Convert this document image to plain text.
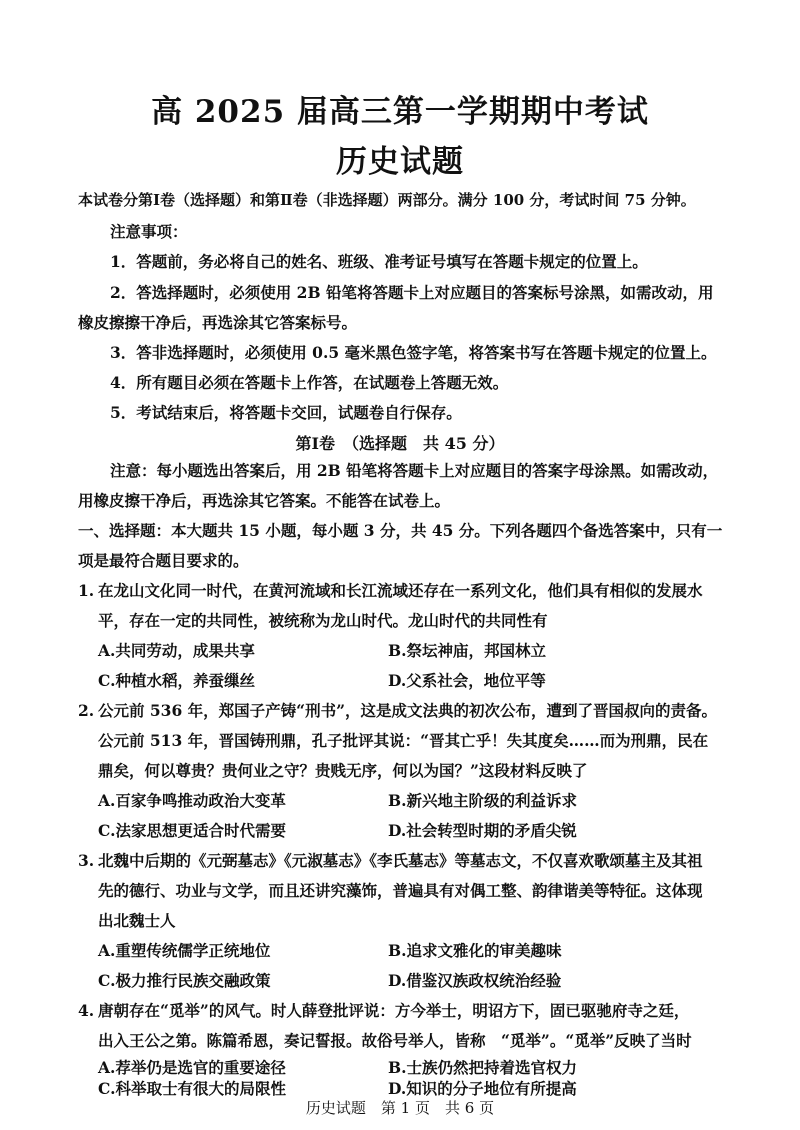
高 2025 届高三第一学期期中考试
历史试题
本试卷分第Ⅰ卷（选择题）和第Ⅱ卷（非选择题）两部分。满分 100 分，考试时间 75 分钟。
注意事项：
1．答题前，务必将自己的姓名、班级、准考证号填写在答题卡规定的位置上。
2．答选择题时，必须使用 2B 铅笔将答题卡上对应题目的答案标号涂黑，如需改动，用
橡皮擦擦干净后，再选涂其它答案标号。
3．答非选择题时，必须使用 0.5 毫米黑色签字笔，将答案书写在答题卡规定的位置上。
4．所有题目必须在答题卡上作答，在试题卷上答题无效。
5．考试结束后，将答题卡交回，试题卷自行保存。
第Ⅰ卷　（选择题　共 45 分）
注意：每小题选出答案后，用 2B 铅笔将答题卡上对应题目的答案字母涂黑。如需改动，
用橡皮擦干净后，再选涂其它答案。不能答在试卷上。
一、选择题：本大题共 15 小题，每小题 3 分，共 45 分。下列各题四个备选答案中，只有一
项是最符合题目要求的。
1. 在龙山文化同一时代，在黄河流域和长江流域还存在一系列文化，他们具有相似的发展水
平，存在一定的共同性，被统称为龙山时代。龙山时代的共同性有
A.共同劳动，成果共享	B.祭坛神庙，邦国林立
C.种植水稻，养蚕缫丝	D.父系社会，地位平等
2. 公元前 536 年，郑国子产铸“刑书”，这是成文法典的初次公布，遭到了晋国叔向的责备。
公元前 513 年，晋国铸刑鼎，孔子批评其说：“晋其亡乎！失其度矣……而为刑鼎，民在
鼎矣，何以尊贵？贵何业之守？贵贱无序，何以为国？”这段材料反映了
A.百家争鸣推动政治大变革	B.新兴地主阶级的利益诉求
C.法家思想更适合时代需要	D.社会转型时期的矛盾尖锐
3. 北魏中后期的《元弼墓志》《元淑墓志》《李氏墓志》等墓志文，不仅喜欢歌颂墓主及其祖
先的德行、功业与文学，而且还讲究藻饰，普遍具有对偶工整、韵律谐美等特征。这体现
出北魏士人
A.重塑传统儒学正统地位	B.追求文雅化的审美趣味
C.极力推行民族交融政策	D.借鉴汉族政权统治经验
4. 唐朝存在“觅举”的风气。时人薛登批评说：方今举士，明诏方下，固已驱驰府寺之廷，
出入王公之第。陈篇希恩，奏记誓报。故俗号举人，皆称　“觅举”。“觅举”反映了当时
A.荐举仍是选官的重要途径	B.士族仍然把持着选官权力
C.科举取士有很大的局限性	D.知识的分子地位有所提高
历史试题　第 1 页　共 6 页
